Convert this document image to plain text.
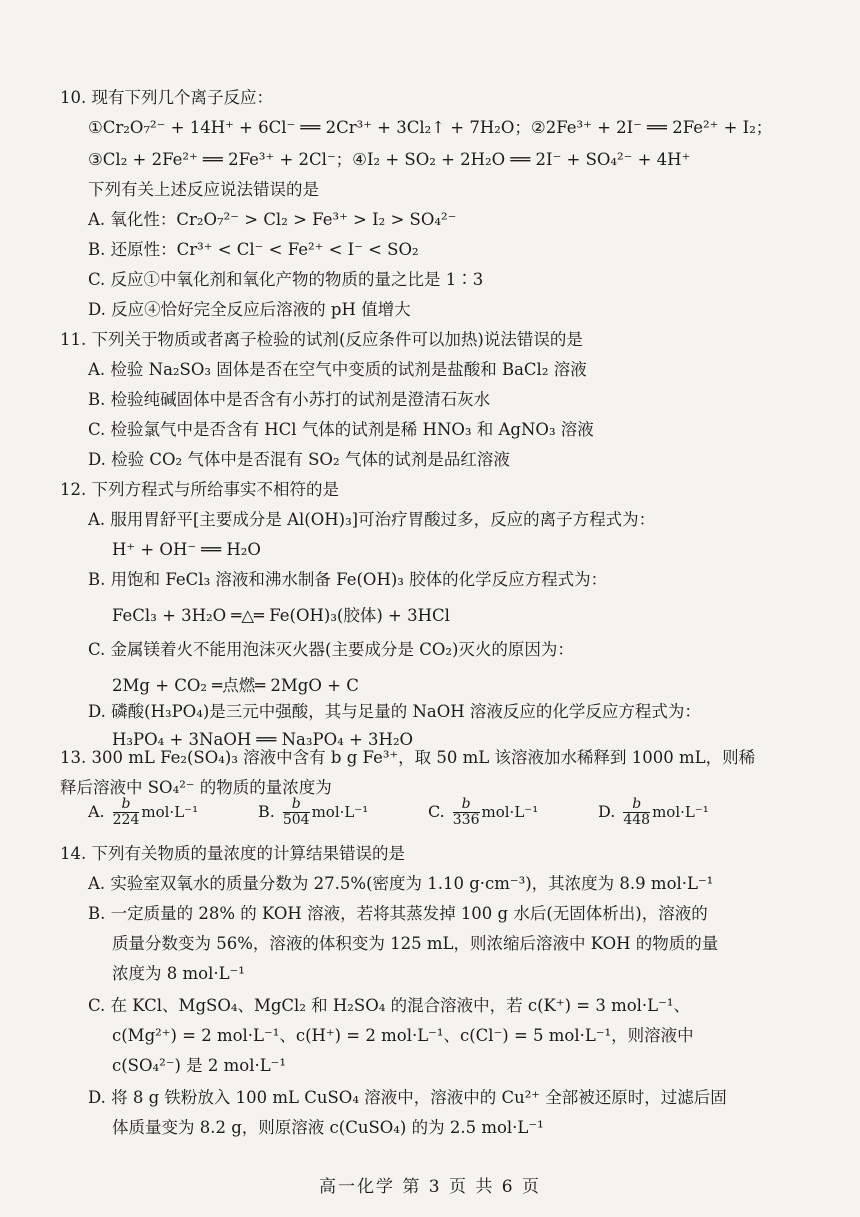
10. 现有下列几个离子反应：
①Cr₂O₇²⁻ + 14H⁺ + 6Cl⁻ ══ 2Cr³⁺ + 3Cl₂↑ + 7H₂O；②2Fe³⁺ + 2I⁻ ══ 2Fe²⁺ + I₂；
③Cl₂ + 2Fe²⁺ ══ 2Fe³⁺ + 2Cl⁻；④I₂ + SO₂ + 2H₂O ══ 2I⁻ + SO₄²⁻ + 4H⁺
下列有关上述反应说法错误的是
A. 氧化性：Cr₂O₇²⁻ > Cl₂ > Fe³⁺ > I₂ > SO₄²⁻
B. 还原性：Cr³⁺ < Cl⁻ < Fe²⁺ < I⁻ < SO₂
C. 反应①中氧化剂和氧化产物的物质的量之比是 1∶3
D. 反应④恰好完全反应后溶液的 pH 值增大
11. 下列关于物质或者离子检验的试剂(反应条件可以加热)说法错误的是
A. 检验 Na₂SO₃ 固体是否在空气中变质的试剂是盐酸和 BaCl₂ 溶液
B. 检验纯碱固体中是否含有小苏打的试剂是澄清石灰水
C. 检验氯气中是否含有 HCl 气体的试剂是稀 HNO₃ 和 AgNO₃ 溶液
D. 检验 CO₂ 气体中是否混有 SO₂ 气体的试剂是品红溶液
12. 下列方程式与所给事实不相符的是
A. 服用胃舒平[主要成分是 Al(OH)₃]可治疗胃酸过多，反应的离子方程式为：
H⁺ + OH⁻ ══ H₂O
B. 用饱和 FeCl₃ 溶液和沸水制备 Fe(OH)₃ 胶体的化学反应方程式为：
FeCl₃ + 3H₂O ═△═ Fe(OH)₃(胶体) + 3HCl
C. 金属镁着火不能用泡沫灭火器(主要成分是 CO₂)灭火的原因为：
2Mg + CO₂ ═点燃═ 2MgO + C
D. 磷酸(H₃PO₄)是三元中强酸，其与足量的 NaOH 溶液反应的化学反应方程式为：
H₃PO₄ + 3NaOH ══ Na₃PO₄ + 3H₂O
14. 下列有关物质的量浓度的计算结果错误的是
A. 实验室双氧水的质量分数为 27.5%(密度为 1.10 g·cm⁻³)，其浓度为 8.9 mol·L⁻¹
B. 一定质量的 28% 的 KOH 溶液，若将其蒸发掉 100 g 水后(无固体析出)，溶液的
质量分数变为 56%，溶液的体积变为 125 mL，则浓缩后溶液中 KOH 的物质的量
浓度为 8 mol·L⁻¹
C. 在 KCl、MgSO₄、MgCl₂ 和 H₂SO₄ 的混合溶液中，若 c(K⁺) = 3 mol·L⁻¹、
c(Mg²⁺) = 2 mol·L⁻¹、c(H⁺) = 2 mol·L⁻¹、c(Cl⁻) = 5 mol·L⁻¹，则溶液中
c(SO₄²⁻) 是 2 mol·L⁻¹
D. 将 8 g 铁粉放入 100 mL CuSO₄ 溶液中，溶液中的 Cu²⁺ 全部被还原时，过滤后固
体质量变为 8.2 g，则原溶液 c(CuSO₄) 的为 2.5 mol·L⁻¹
13. 300 mL Fe₂(SO₄)₃ 溶液中含有 b g Fe³⁺，取 50 mL 该溶液加水稀释到 1000 mL，则稀
释后溶液中 SO₄²⁻ 的物质的量浓度为
A. $\frac{b}{224} mol\cdot L^{-1}$	B. $\frac{b}{504} mol\cdot L^{-1}$	C. $\frac{b}{336} mol\cdot L^{-1}$	D. $\frac{b}{448} mol\cdot L^{-1}$
高一化学 第 3 页 共 6 页
